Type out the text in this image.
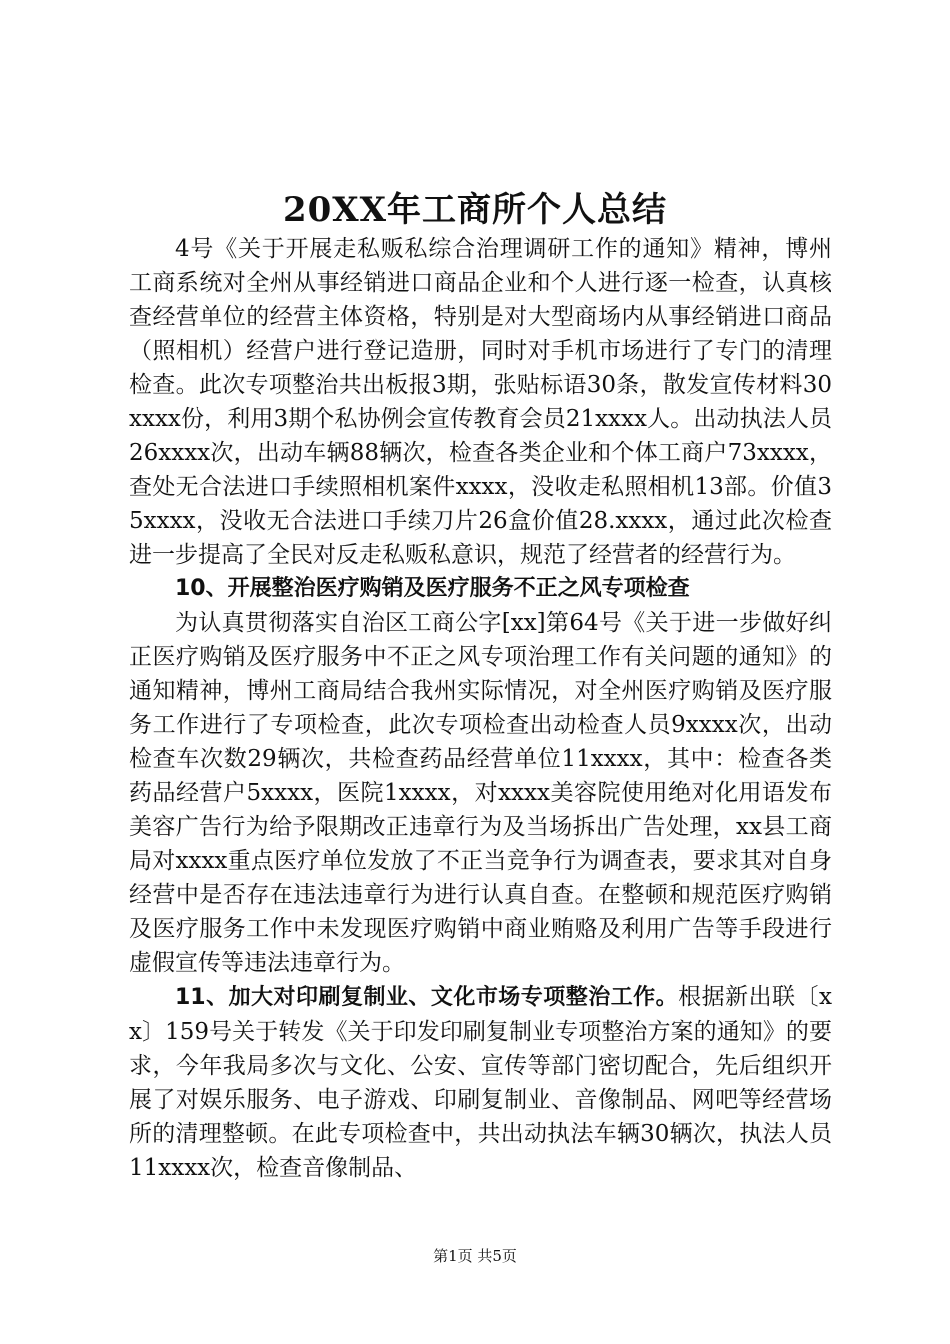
20XX年工商所个人总结

4号《关于开展走私贩私综合治理调研工作的通知》精神，博州工商系统对全州从事经销进口商品企业和个人进行逐一检查，认真核查经营单位的经营主体资格，特别是对大型商场内从事经销进口商品（照相机）经营户进行登记造册，同时对手机市场进行了专门的清理检查。此次专项整治共出板报3期，张贴标语30条，散发宣传材料30xxxx份，利用3期个私协例会宣传教育会员21xxxx人。出动执法人员26xxxx次，出动车辆88辆次，检查各类企业和个体工商户73xxxx，查处无合法进口手续照相机案件xxxx，没收走私照相机13部。价值35xxxx，没收无合法进口手续刀片26盒价值28.xxxx，通过此次检查进一步提高了全民对反走私贩私意识，规范了经营者的经营行为。

10、开展整治医疗购销及医疗服务不正之风专项检查

为认真贯彻落实自治区工商公字[xx]第64号《关于进一步做好纠正医疗购销及医疗服务中不正之风专项治理工作有关问题的通知》的通知精神，博州工商局结合我州实际情况，对全州医疗购销及医疗服务工作进行了专项检查，此次专项检查出动检查人员9xxxx次，出动检查车次数29辆次，共检查药品经营单位11xxxx，其中：检查各类药品经营户5xxxx，医院1xxxx，对xxxx美容院使用绝对化用语发布美容广告行为给予限期改正违章行为及当场拆出广告处理，xx县工商局对xxxx重点医疗单位发放了不正当竞争行为调查表，要求其对自身经营中是否存在违法违章行为进行认真自查。在整顿和规范医疗购销及医疗服务工作中未发现医疗购销中商业贿赂及利用广告等手段进行虚假宣传等违法违章行为。

11、加大对印刷复制业、文化市场专项整治工作。根据新出联〔xx〕159号关于转发《关于印发印刷复制业专项整治方案的通知》的要求，今年我局多次与文化、公安、宣传等部门密切配合，先后组织开展了对娱乐服务、电子游戏、印刷复制业、音像制品、网吧等经营场所的清理整顿。在此专项检查中，共出动执法车辆30辆次，执法人员11xxxx次，检查音像制品、

第1页 共5页
